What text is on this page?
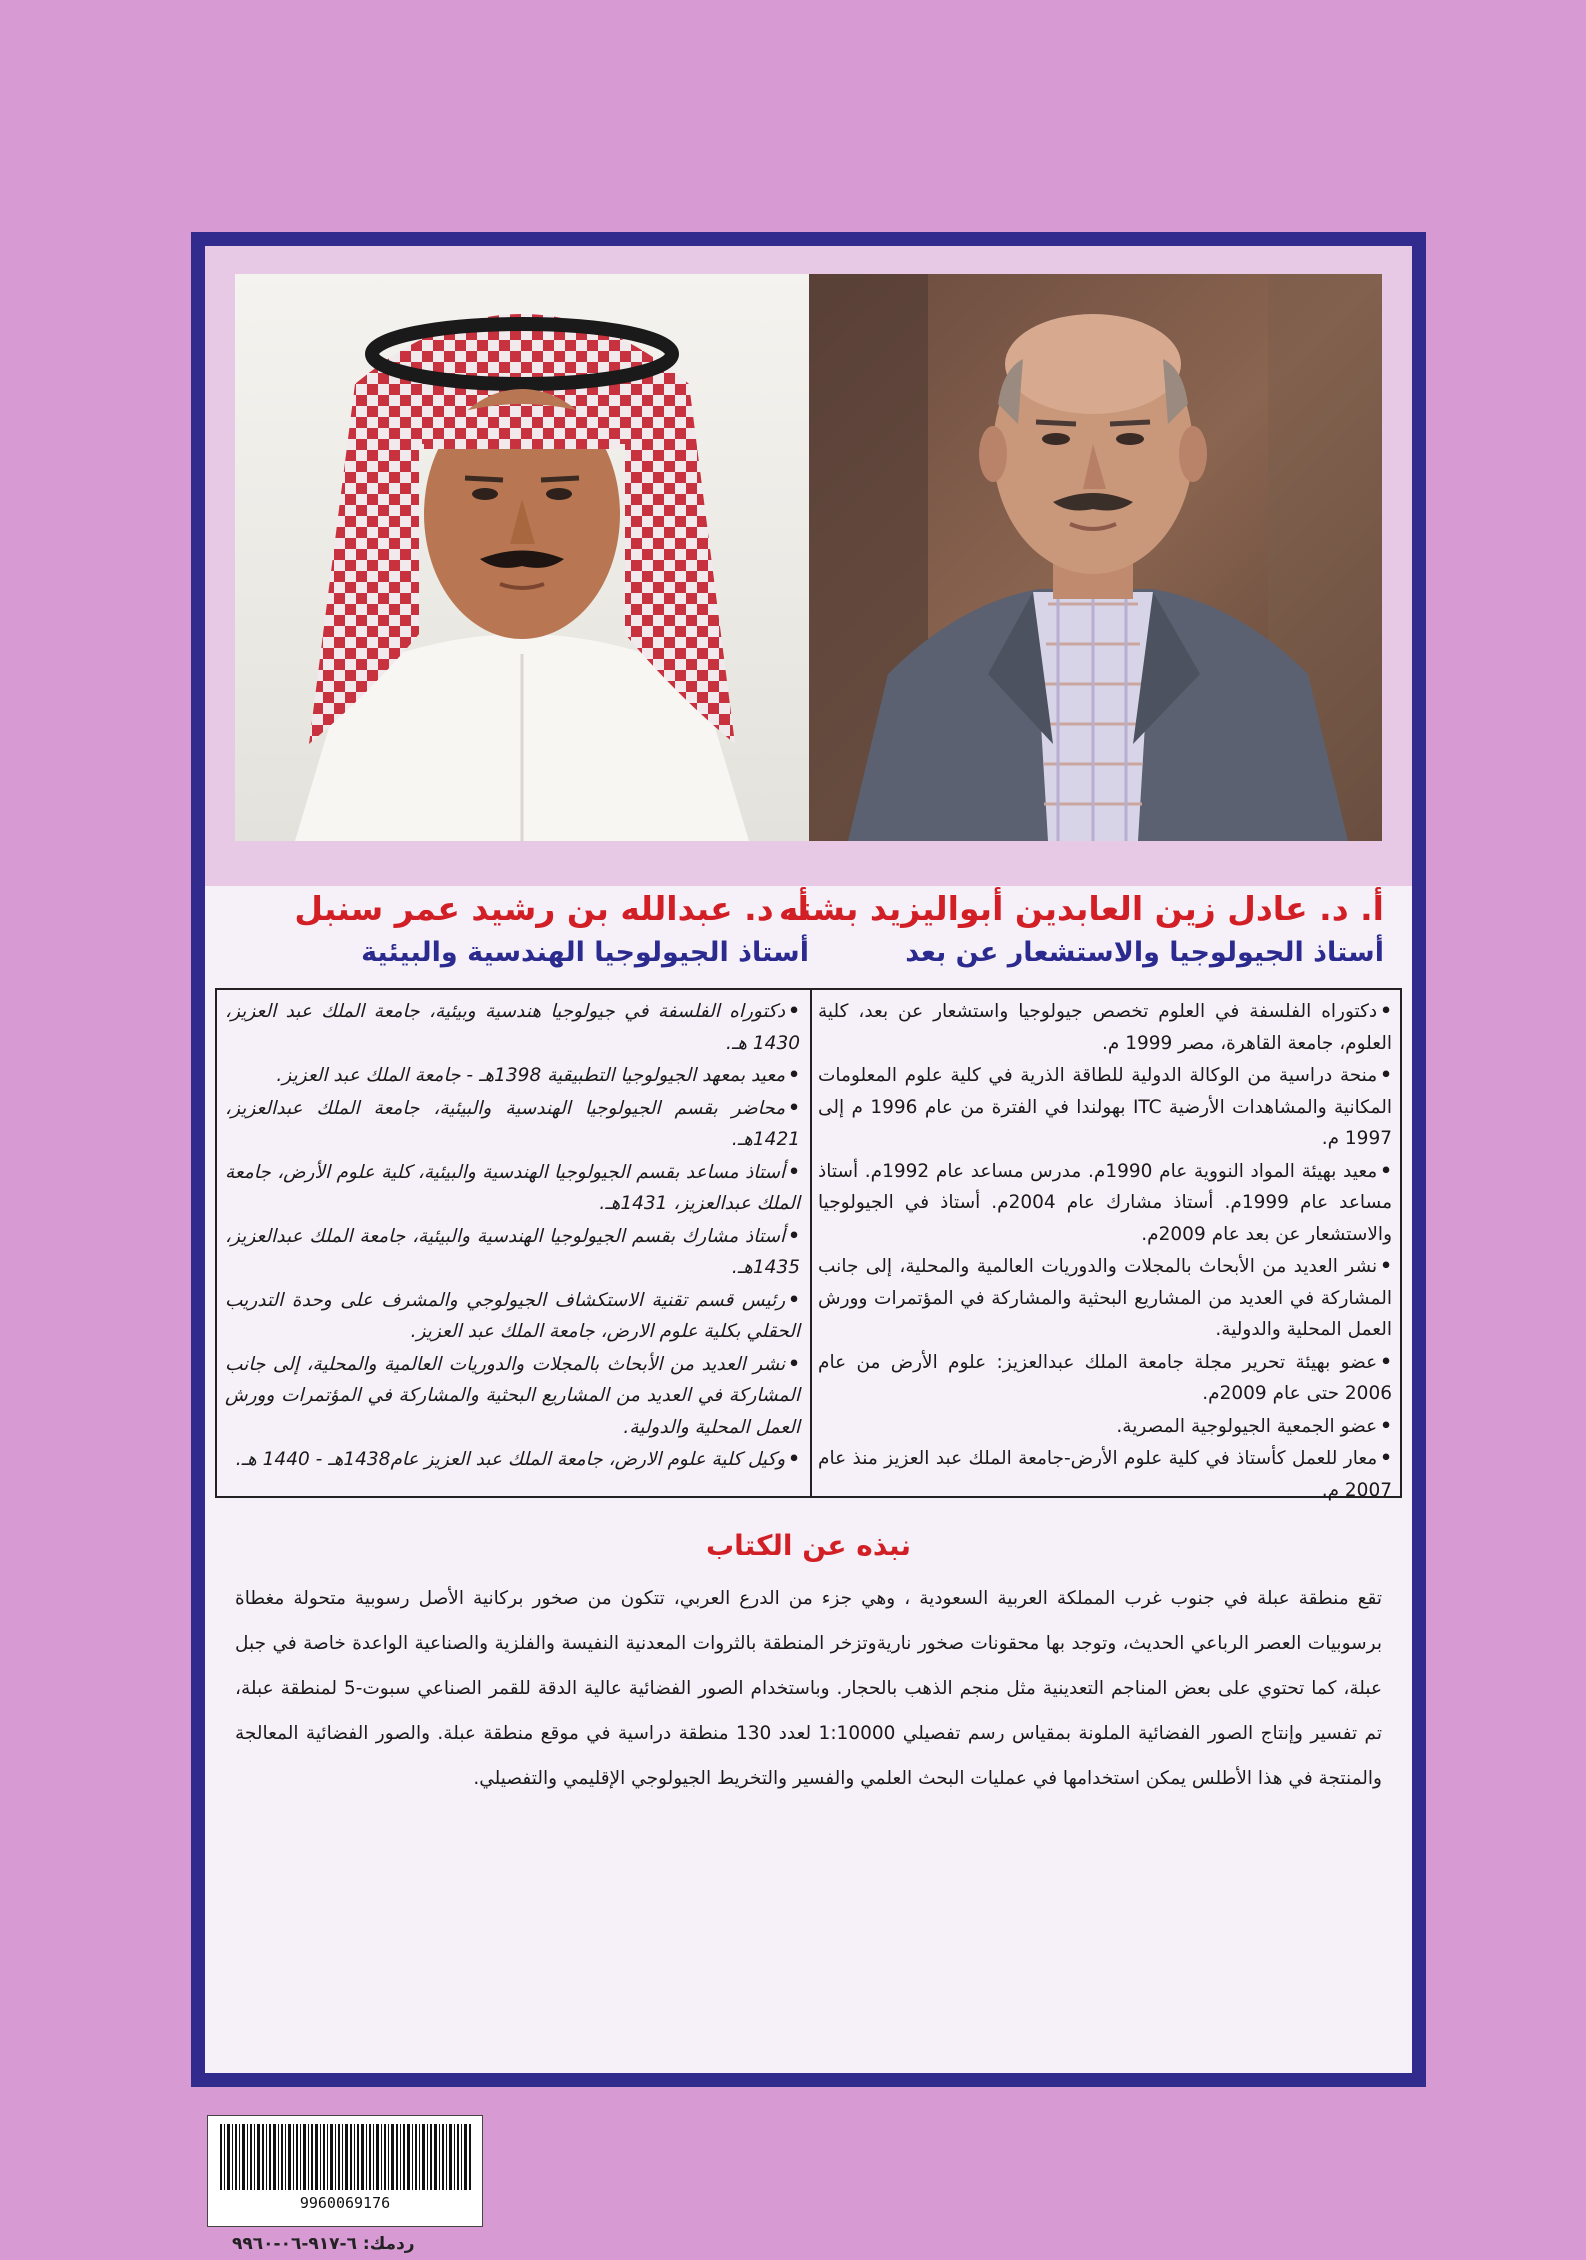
أ. د. عادل زين العابدين أبواليزيد بشته
أستاذ الجيولوجيا والاستشعار عن بعد
أ. د. عبدالله بن رشيد عمر سنبل
أستاذ الجيولوجيا الهندسية والبيئية
•دكتوراه الفلسفة في العلوم تخصص جيولوجيا واستشعار عن بعد، كلية العلوم، جامعة القاهرة، مصر 1999 م.
•منحة دراسية من الوكالة الدولية للطاقة الذرية في كلية علوم المعلومات المكانية والمشاهدات الأرضية ITC بهولندا في الفترة من عام 1996 م إلى 1997 م.
•معيد بهيئة المواد النووية عام 1990م. مدرس مساعد عام 1992م. أستاذ مساعد عام 1999م. أستاذ مشارك عام 2004م. أستاذ في الجيولوجيا والاستشعار عن بعد عام 2009م.
•نشر العديد من الأبحاث بالمجلات والدوريات العالمية والمحلية، إلى جانب المشاركة في العديد من المشاريع البحثية والمشاركة في المؤتمرات وورش العمل المحلية والدولية.
•عضو بهيئة تحرير مجلة جامعة الملك عبدالعزيز: علوم الأرض من عام 2006 حتى عام 2009م.
•عضو الجمعية الجيولوجية المصرية.
•معار للعمل كأستاذ في كلية علوم الأرض-جامعة الملك عبد العزيز منذ عام 2007 م.
•دكتوراه الفلسفة في جيولوجيا هندسية وبيئية، جامعة الملك عبد العزيز، 1430 هـ.
•معيد بمعهد الجيولوجيا التطبيقية 1398هـ - جامعة الملك عبد العزيز.
•محاضر بقسم الجيولوجيا الهندسية والبيئية، جامعة الملك عبدالعزيز، 1421هـ.
•أستاذ مساعد بقسم الجيولوجيا الهندسية والبيئية، كلية علوم الأرض، جامعة الملك عبدالعزيز، 1431هـ.
•أستاذ مشارك بقسم الجيولوجيا الهندسية والبيئية، جامعة الملك عبدالعزيز، 1435هـ.
•رئيس قسم تقنية الاستكشاف الجيولوجي والمشرف على وحدة التدريب الحقلي بكلية علوم الارض، جامعة الملك عبد العزيز.
•نشر العديد من الأبحاث بالمجلات والدوريات العالمية والمحلية، إلى جانب المشاركة في العديد من المشاريع البحثية والمشاركة في المؤتمرات وورش العمل المحلية والدولية.
•وكيل كلية علوم الارض، جامعة الملك عبد العزيز عام1438هـ - 1440 هـ.
نبذه عن الكتاب
تقع منطقة عبلة في جنوب غرب المملكة العربية السعودية ، وهي جزء من الدرع العربي، تتكون من صخور بركانية الأصل رسوبية متحولة مغطاة برسوبيات العصر الرباعي الحديث، وتوجد بها محقونات صخور ناريةوتزخر المنطقة بالثروات المعدنية النفيسة والفلزية والصناعية الواعدة خاصة في جبل عبلة، كما تحتوي على بعض المناجم التعدينية مثل منجم الذهب بالحجار. وباستخدام الصور الفضائية عالية الدقة للقمر الصناعي سبوت-5 لمنطقة عبلة، تم تفسير وإنتاج الصور الفضائية الملونة بمقياس رسم تفصيلي 1:10000 لعدد 130 منطقة دراسية في موقع منطقة عبلة. والصور الفضائية المعالجة والمنتجة في هذا الأطلس يمكن استخدامها في عمليات البحث العلمي والفسير والتخريط الجيولوجي الإقليمي والتفصيلي.
9960069176
ردمك: ٦-٩١٧-٠٦-٩٩٦٠
